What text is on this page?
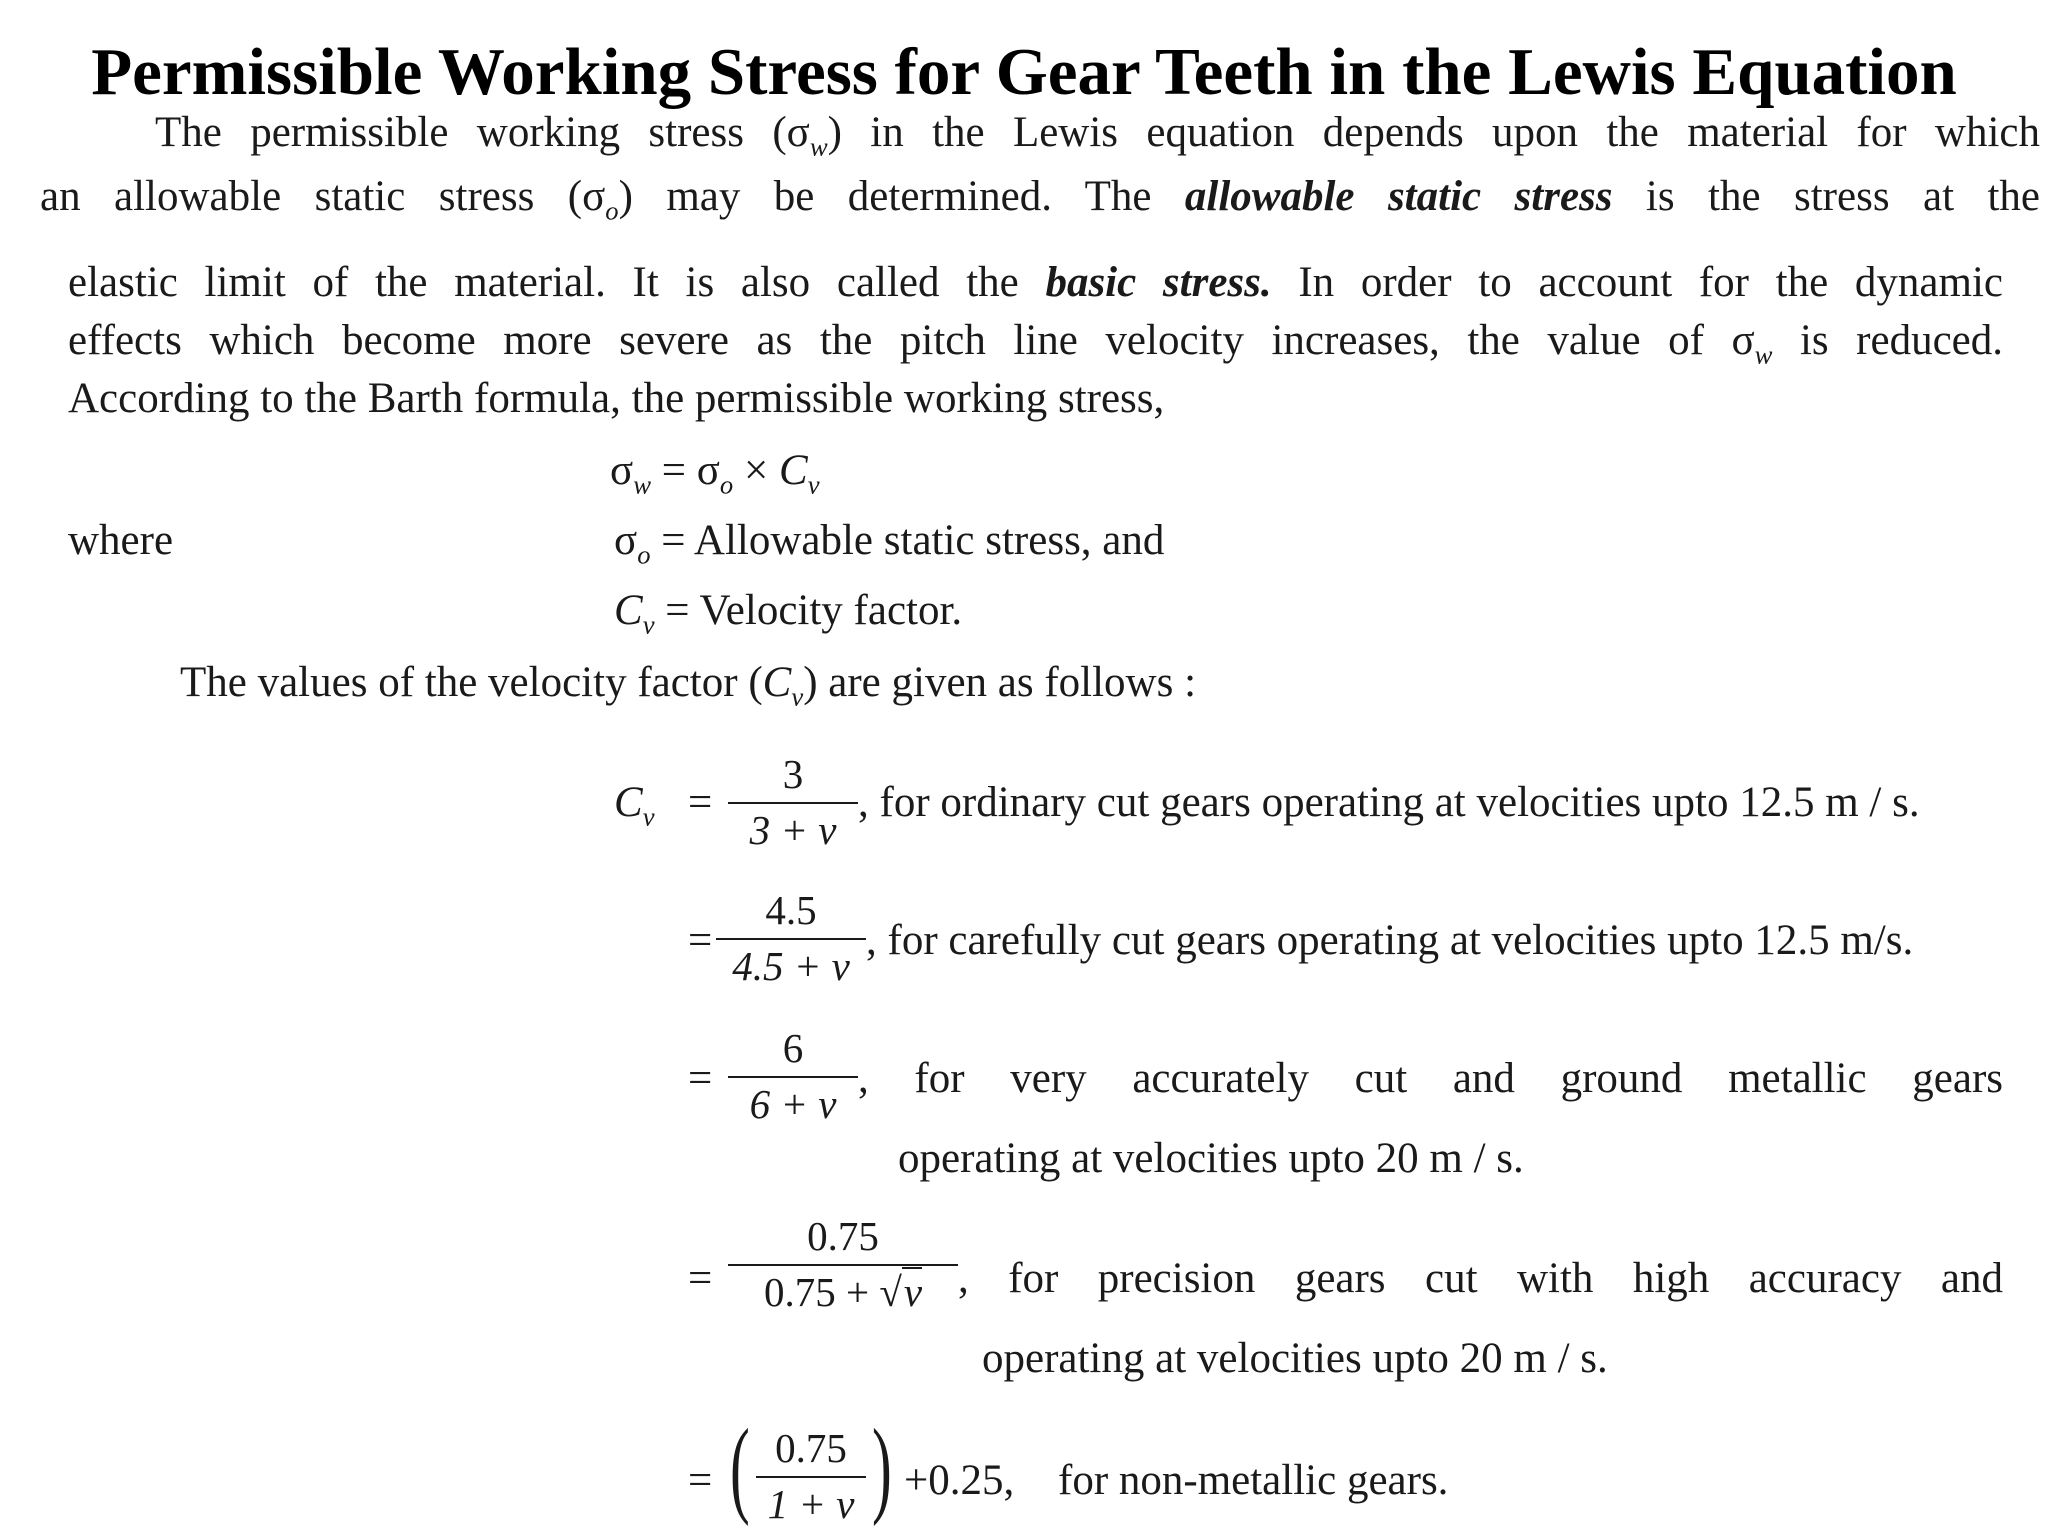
Permissible Working Stress for Gear Teeth in the Lewis Equation
The permissible working stress $(\sigma_w)$ in the Lewis equation depends upon the material for which
an allowable static stress $(\sigma_o)$ may be determined. The allowable static stress is the stress at the
elastic limit of the material. It is also called the basic stress. In order to account for the dynamic
effects which become more severe as the pitch line velocity increases, the value of $\sigma_w$ is reduced.
According to the Barth formula, the permissible working stress,
$\sigma_w = \sigma_o \times C_v$
where	$\sigma_o$ = Allowable static stress, and
$C_v$ = Velocity factor.
The values of the velocity factor $(C_v)$ are given as follows :
$C_v = \frac{3}{3 + v}$ , for ordinary cut gears operating at velocities upto 12.5 m / s.
= $\frac{4.5}{4.5 + v}$ , for carefully cut gears operating at velocities upto 12.5 m/s.
= $\frac{6}{6 + v}$ , for very accurately cut and ground metallic gears
operating at velocities upto 20 m / s.
= $\frac{0.75}{0.75 + √v}$ , for precision gears cut with high accuracy and
operating at velocities upto 20 m / s.
= ( $\frac{0.75}{1 + v}$ ) +0.25, for non-metallic gears.
